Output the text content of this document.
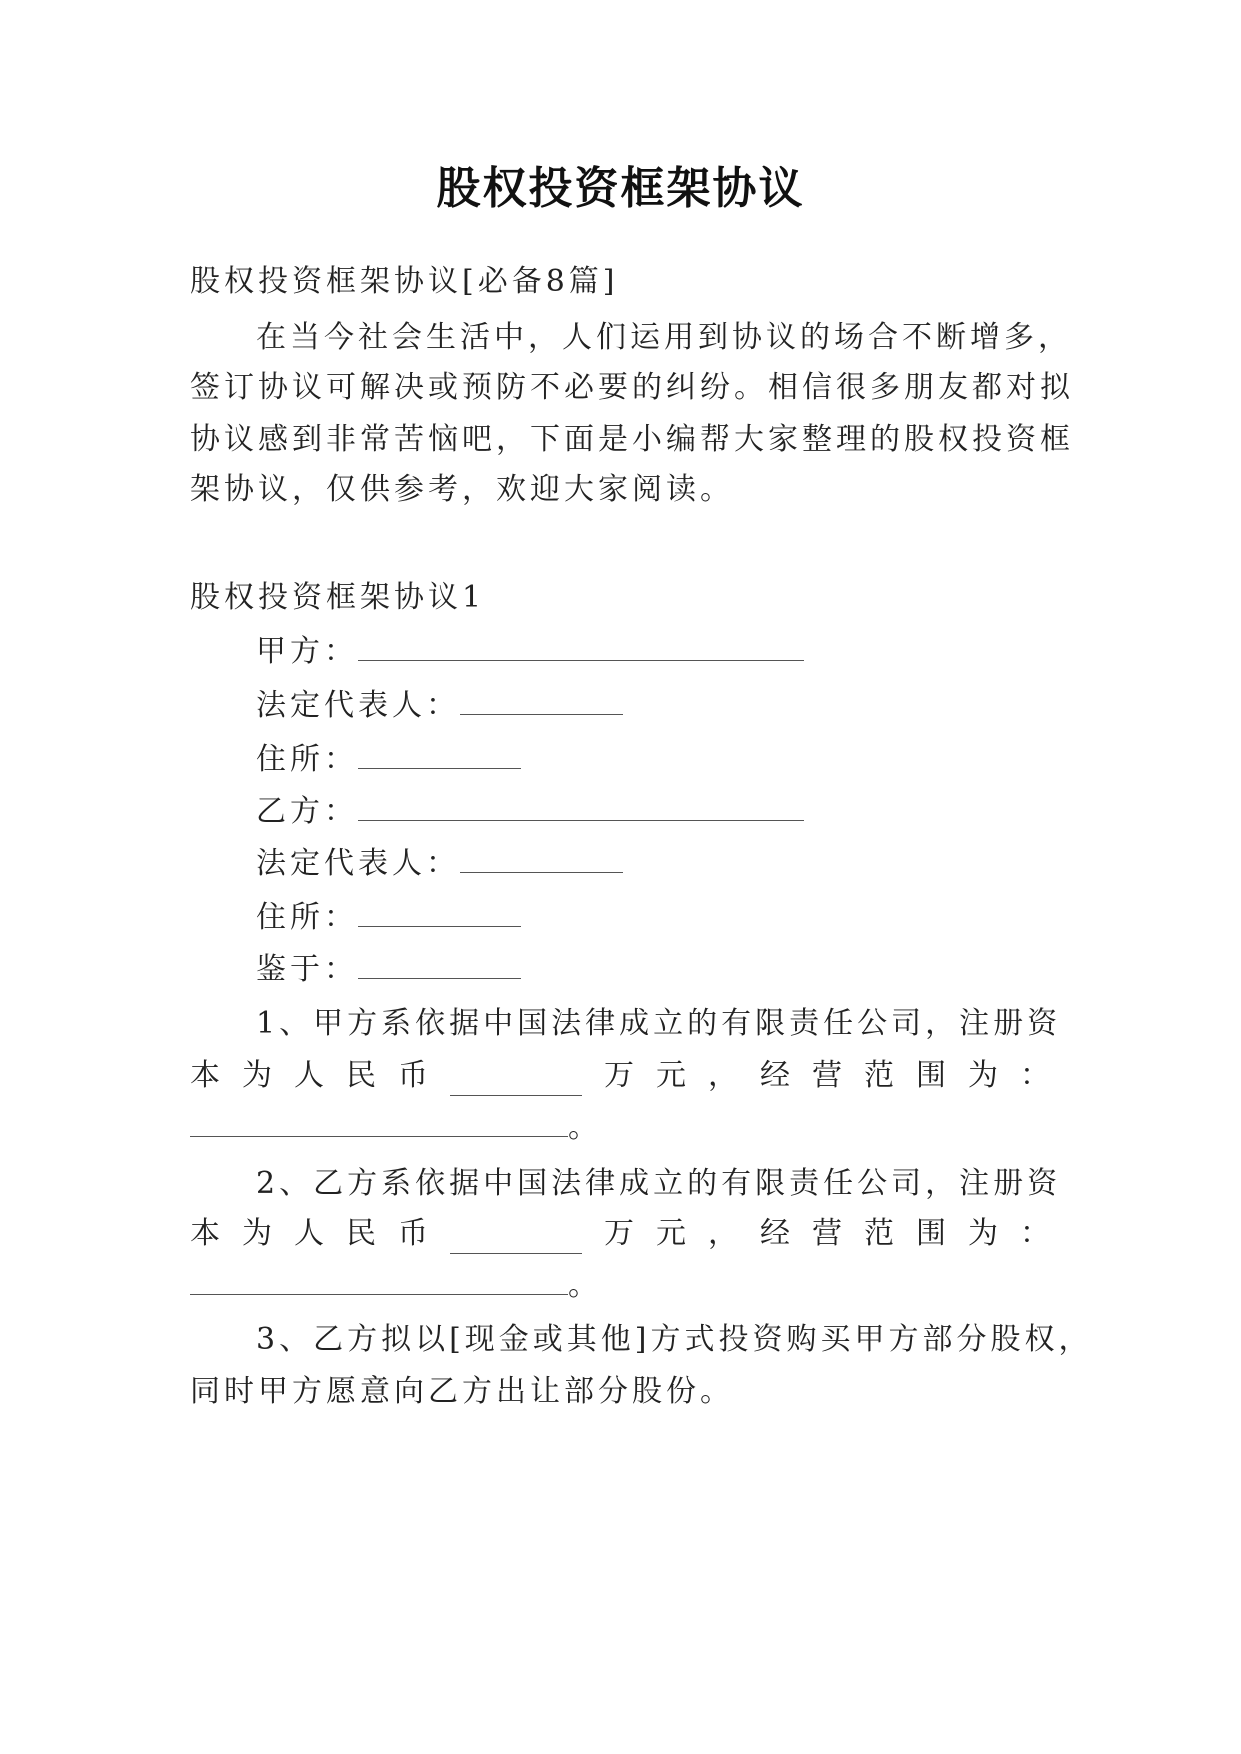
股权投资框架协议
股权投资框架协议[必备8篇]
在当今社会生活中，人们运用到协议的场合不断增多，
签订协议可解决或预防不必要的纠纷。相信很多朋友都对拟
协议感到非常苦恼吧，下面是小编帮大家整理的股权投资框
架协议，仅供参考，欢迎大家阅读。
股权投资框架协议1
甲方：
法定代表人：
住所：
乙方：
法定代表人：
住所：
鉴于：
1、甲方系依据中国法律成立的有限责任公司，注册资
本 为 人 民 币	万 元 ， 经 营 范 围 为 ：
。
2、乙方系依据中国法律成立的有限责任公司，注册资
本 为 人 民 币	万 元 ， 经 营 范 围 为 ：
。
3、乙方拟以[现金或其他]方式投资购买甲方部分股权，
同时甲方愿意向乙方出让部分股份。
